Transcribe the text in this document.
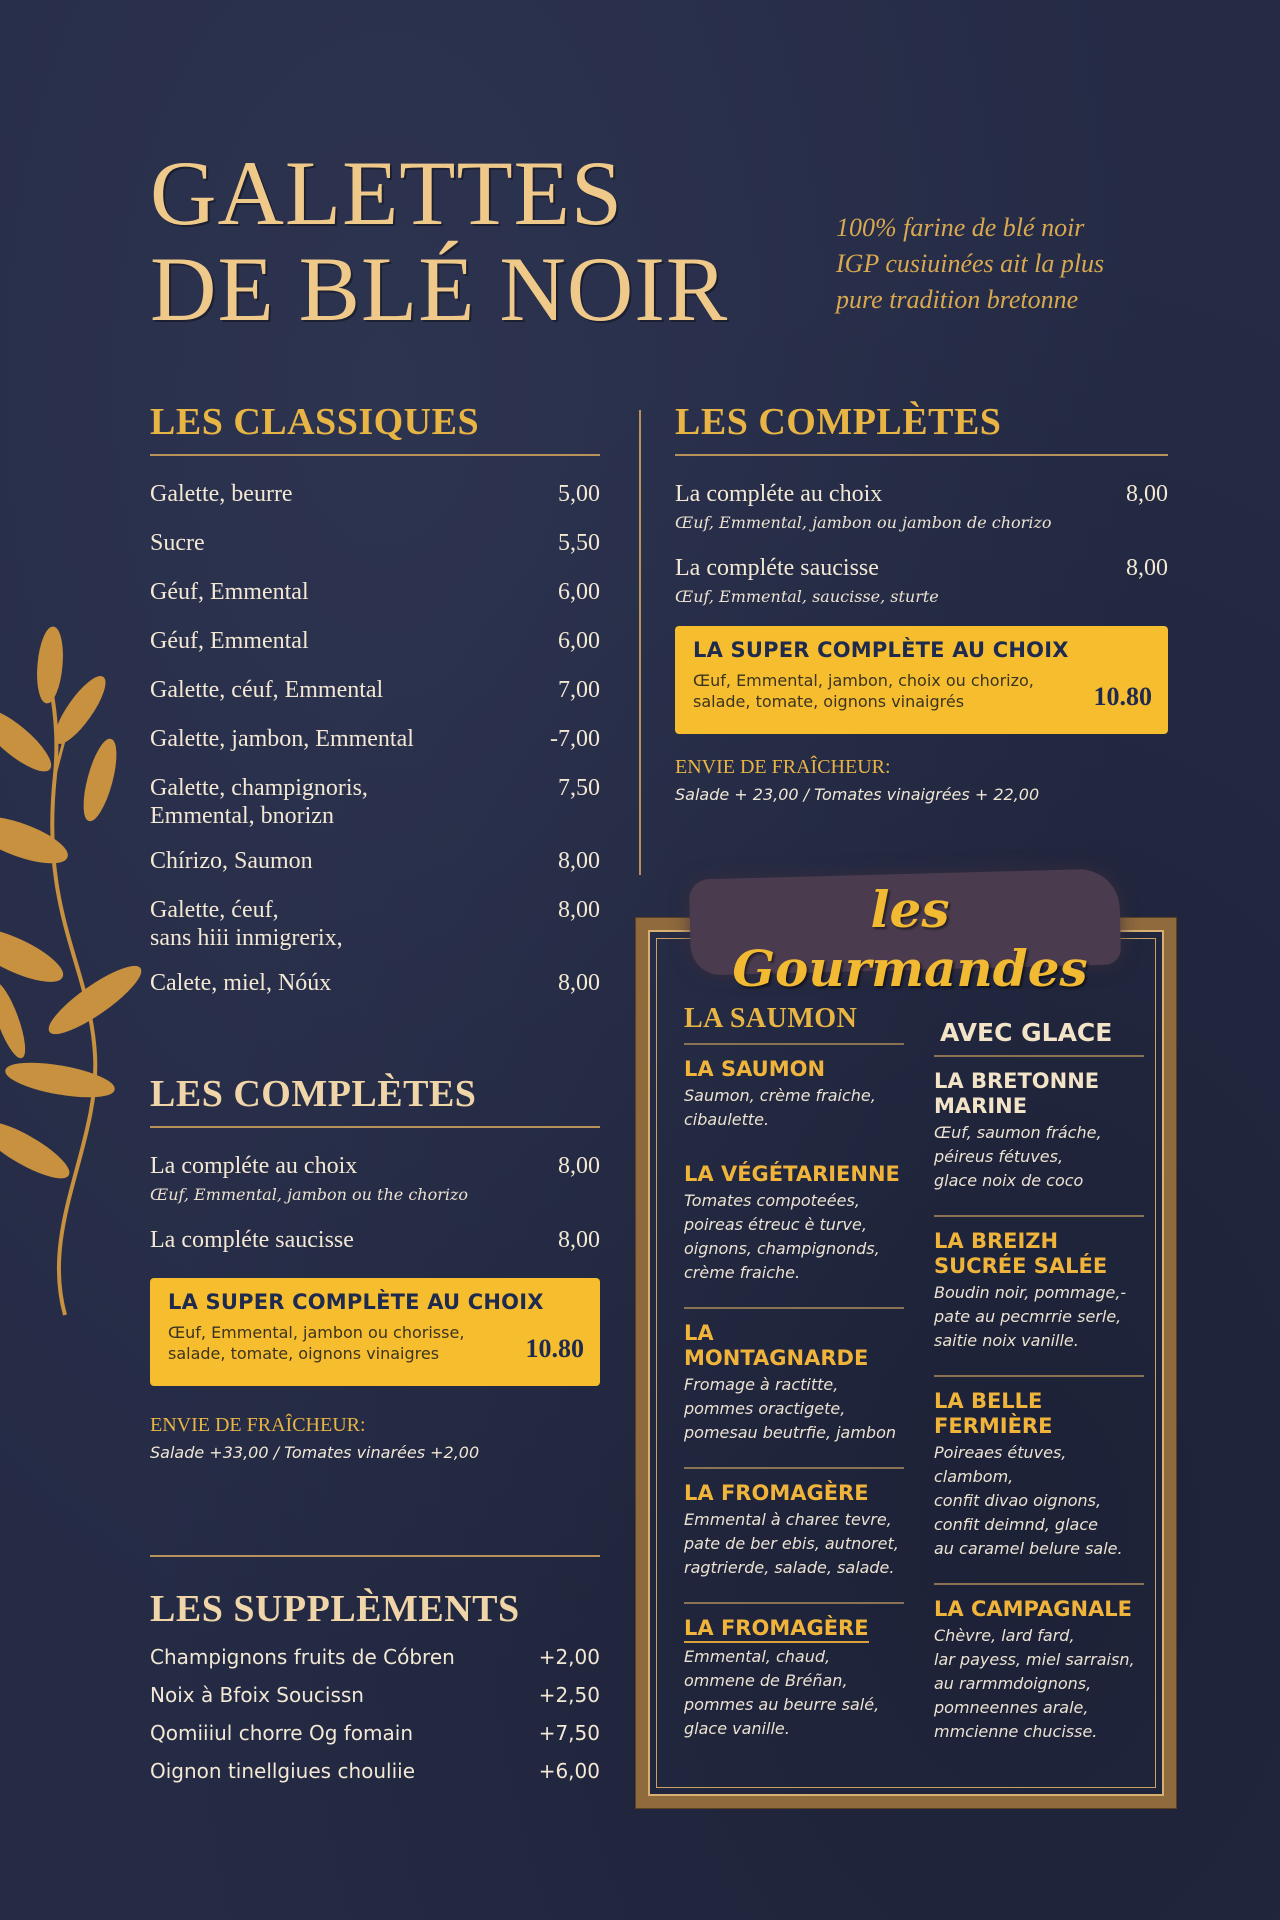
GALETTES
DE BLÉ NOIR
100% farine de blé noir
IGP cusiuinées ait la plus
pure tradition bretonne
LES CLASSIQUES
Galette, beurre	5,00
Sucre	5,50
Géuf, Emmental	6,00
Géuf, Emmental	6,00
Galette, céuf, Emmental	7,00
Galette, jambon, Emmental	-7,00
Galette, champignoris,
Emmental, bnorizn
7,50
Chírizo, Saumon	8,00
Galette, ćeuf,
sans hiii inmigrerix,
8,00
Calete, miel, Nóúx	8,00
LES COMPLÈTES
La compléte au choix	8,00
Œuf, Emmental, jambon ou the chorizo
La compléte saucisse	8,00
LA SUPER COMPLÈTE AU CHOIX
Œuf, Emmental, jambon ou chorisse,
salade, tomate, oignons vinaigres	10.80
ENVIE DE FRAÎCHEUR:
Salade +33,00 / Tomates vinarées +2,00
LES SUPPLÈMENTS
Champignons fruits de Cóbren	+2,00
Noix à Bfoix Soucissn	+2,50
Qomiiiul chorre Og fomain	+7,50
Oignon tinellgiues chouliie	+6,00
LES COMPLÈTES
La compléte au choix	8,00
Œuf, Emmental, jambon ou jambon de chorizo
La compléte saucisse	8,00
Œuf, Emmental, saucisse, sturte
LA SUPER COMPLÈTE AU CHOIX
Œuf, Emmental, jambon, choix ou chorizo,
salade, tomate, oignons vinaigrés	10.80
ENVIE DE FRAÎCHEUR:
Salade + 23,00 / Tomates vinaigrées + 22,00
les Gourmandes
LA SAUMON
LA SAUMON
Saumon, crème fraiche,
cibaulette.
LA VÉGÉTARIENNE
Tomates compoteées,
poireas étreuc è turve,
oignons, champignonds,
crème fraiche.
LA MONTAGNARDE
Fromage à ractitte,
pommes oractigete,
pomesau beutrfie, jambon
LA FROMAGÈRE
Emmental à chareε tevre,
pate de ber ebis, autnoret,
ragtrierde, salade, salade.
LA FROMAGÈRE
Emmental, chaud,
ommene de Bréñan,
pommes au beurre salé,
glace vanille.
AVEC GLACE
LA BRETONNE MARINE
Œuf, saumon fráche,
péireus fétuves,
glace noix de coco
LA BREIZH SUCRÉE SALÉE
Boudin noir, pommage,-
pate au pecmrrie serle,
saitie noix vanille.
LA BELLE FERMIÈRE
Poireaes étuves, clambom,
confit divao oignons,
confit deimnd, glace
au caramel belure sale.
LA CAMPAGNALE
Chèvre, lard fard,
lar payess, miel sarraisn,
au rarmmdoignons,
pomneennes arale,
mmcienne chucisse.
